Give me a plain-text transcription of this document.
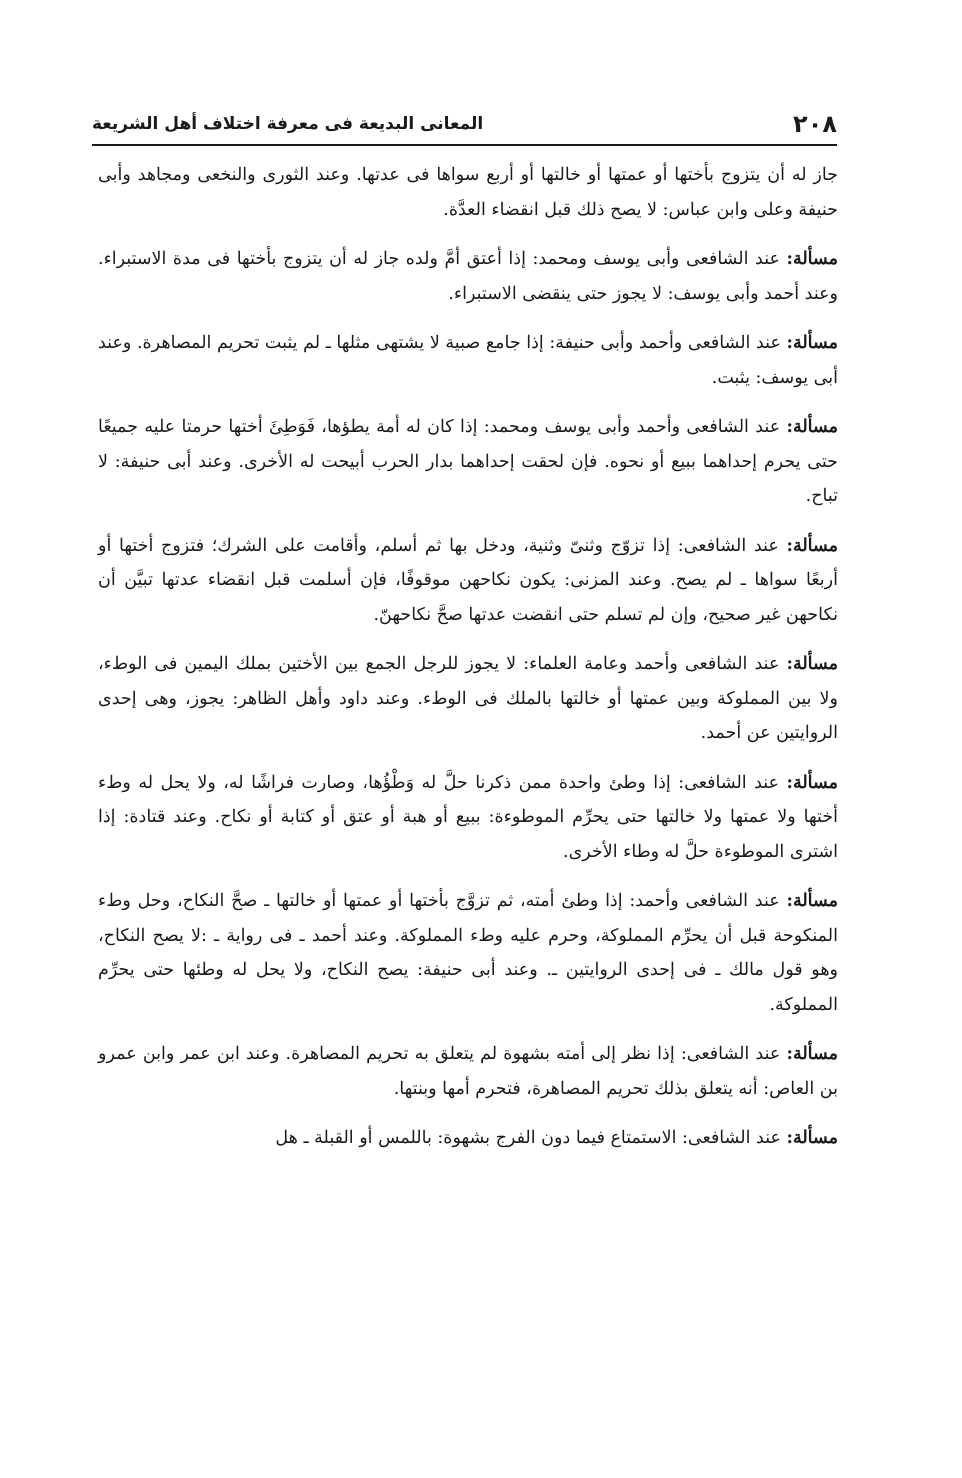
٢٠٨
المعانى البديعة فى معرفة اختلاف أهل الشريعة

جاز له أن يتزوج بأختها أو عمتها أو خالتها أو أربع سواها فى عدتها. وعند الثورى والنخعى ومجاهد وأبى حنيفة وعلى وابن عباس: لا يصح ذلك قبل انقضاء العدَّة.

مسألة: عند الشافعى وأبى يوسف ومحمد: إذا أعتق أمَّ ولده جاز له أن يتزوج بأختها فى مدة الاستبراء. وعند أحمد وأبى يوسف: لا يجوز حتى ينقضى الاستبراء.

مسألة: عند الشافعى وأحمد وأبى حنيفة: إذا جامع صبية لا يشتهى مثلها ـ لم يثبت تحريم المصاهرة. وعند أبى يوسف: يثبت.

مسألة: عند الشافعى وأحمد وأبى يوسف ومحمد: إذا كان له أمة يطؤها، فَوَطِئَ أختها حرمتا عليه جميعًا حتى يحرم إحداهما ببيع أو نحوه. فإن لحقت إحداهما بدار الحرب أبيحت له الأخرى. وعند أبى حنيفة: لا تباح.

مسألة: عند الشافعى: إذا تزوّج وثنىّ وثنية، ودخل بها ثم أسلم، وأقامت على الشرك؛ فتزوج أختها أو أربعًا سواها ـ لم يصح. وعند المزنى: يكون نكاحهن موقوفًا، فإن أسلمت قبل انقضاء عدتها تبيَّن أن نكاحهن غير صحيح، وإن لم تسلم حتى انقضت عدتها صحَّ نكاحهنّ.

مسألة: عند الشافعى وأحمد وعامة العلماء: لا يجوز للرجل الجمع بين الأختين بملك اليمين فى الوطء، ولا بين المملوكة وبين عمتها أو خالتها بالملك فى الوطء. وعند داود وأهل الظاهر: يجوز، وهى إحدى الروايتين عن أحمد.

مسألة: عند الشافعى: إذا وطئ واحدة ممن ذكرنا حلَّ له وَطْؤُها، وصارت فراشًا له، ولا يحل له وطء أختها ولا عمتها ولا خالتها حتى يحرِّم الموطوءة: ببيع أو هبة أو عتق أو كتابة أو نكاح. وعند قتادة: إذا اشترى الموطوءة حلَّ له وطاء الأخرى.

مسألة: عند الشافعى وأحمد: إذا وطئ أمته، ثم تزوَّج بأختها أو عمتها أو خالتها ـ صحَّ النكاح، وحل وطء المنكوحة قبل أن يحرِّم المملوكة، وحرم عليه وطء المملوكة. وعند أحمد ـ فى رواية ـ :لا يصح النكاح، وهو قول مالك ـ فى إحدى الروايتين ـ. وعند أبى حنيفة: يصح النكاح، ولا يحل له وطئها حتى يحرِّم المملوكة.

مسألة: عند الشافعى: إذا نظر إلى أمته بشهوة لم يتعلق به تحريم المصاهرة. وعند ابن عمر وابن عمرو بن العاص: أنه يتعلق بذلك تحريم المصاهرة، فتحرم أمها وبنتها.

مسألة: عند الشافعى: الاستمتاع فيما دون الفرج بشهوة: باللمس أو القبلة ـ هل
